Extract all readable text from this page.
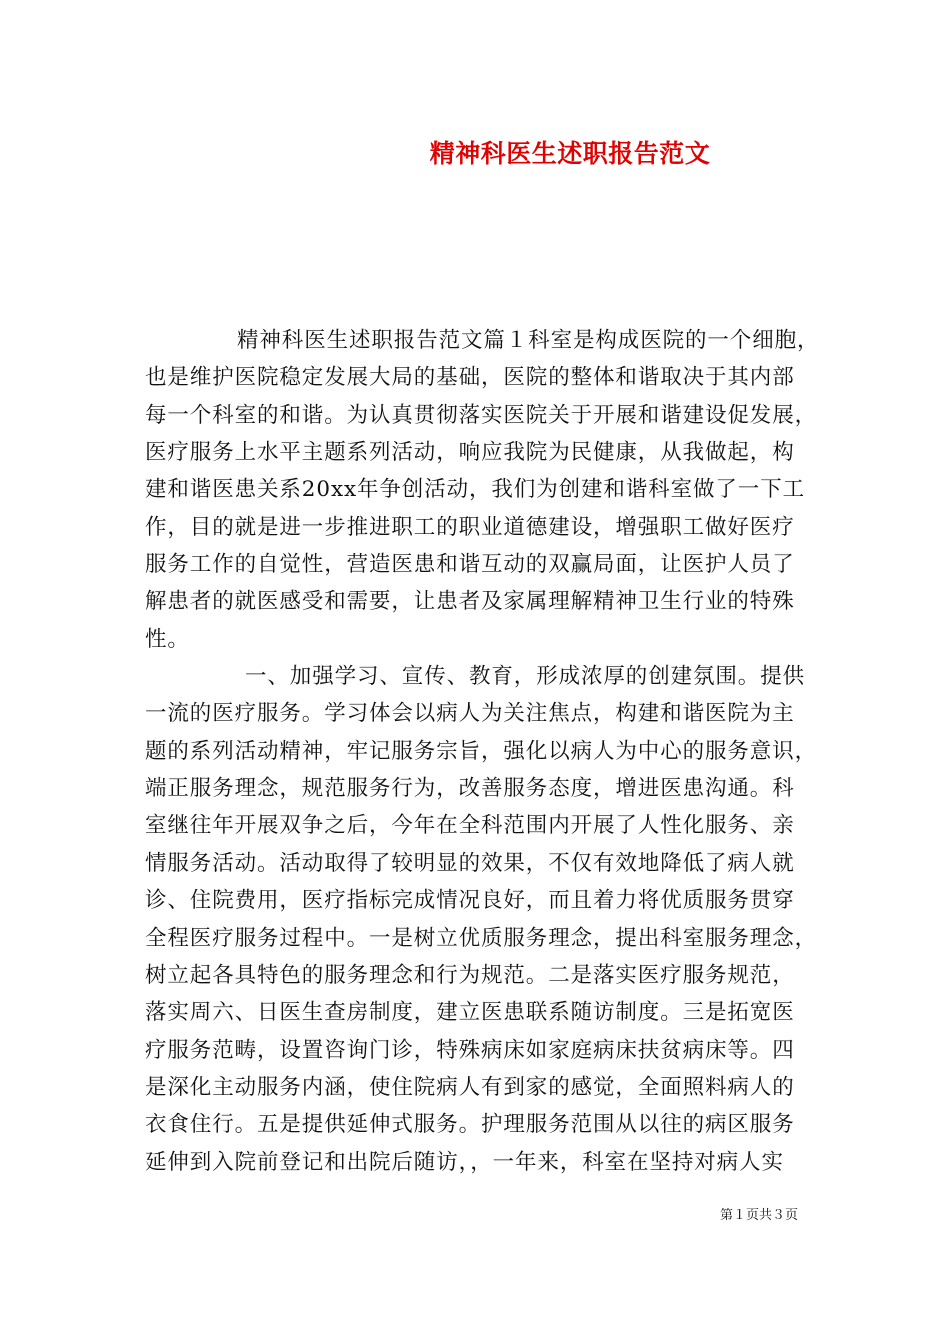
精神科医生述职报告范文
精神科医生述职报告范文篇１科室是构成医院的一个细胞，
也是维护医院稳定发展大局的基础，医院的整体和谐取决于其内部
每一个科室的和谐。为认真贯彻落实医院关于开展和谐建设促发展，
医疗服务上水平主题系列活动，响应我院为民健康，从我做起，构
建和谐医患关系20xx年争创活动，我们为创建和谐科室做了一下工
作，目的就是进一步推进职工的职业道德建设，增强职工做好医疗
服务工作的自觉性，营造医患和谐互动的双赢局面，让医护人员了
解患者的就医感受和需要，让患者及家属理解精神卫生行业的特殊
性。
一、加强学习、宣传、教育，形成浓厚的创建氛围。提供
一流的医疗服务。学习体会以病人为关注焦点，构建和谐医院为主
题的系列活动精神，牢记服务宗旨，强化以病人为中心的服务意识，
端正服务理念，规范服务行为，改善服务态度，增进医患沟通。科
室继往年开展双争之后，今年在全科范围内开展了人性化服务、亲
情服务活动。活动取得了较明显的效果，不仅有效地降低了病人就
诊、住院费用，医疗指标完成情况良好，而且着力将优质服务贯穿
全程医疗服务过程中。一是树立优质服务理念，提出科室服务理念，
树立起各具特色的服务理念和行为规范。二是落实医疗服务规范，
落实周六、日医生查房制度，建立医患联系随访制度。三是拓宽医
疗服务范畴，设置咨询门诊，特殊病床如家庭病床扶贫病床等。四
是深化主动服务内涵，使住院病人有到家的感觉，全面照料病人的
衣食住行。五是提供延伸式服务。护理服务范围从以往的病区服务
延伸到入院前登记和出院后随访，，一年来，科室在坚持对病人实
第１页共３页
